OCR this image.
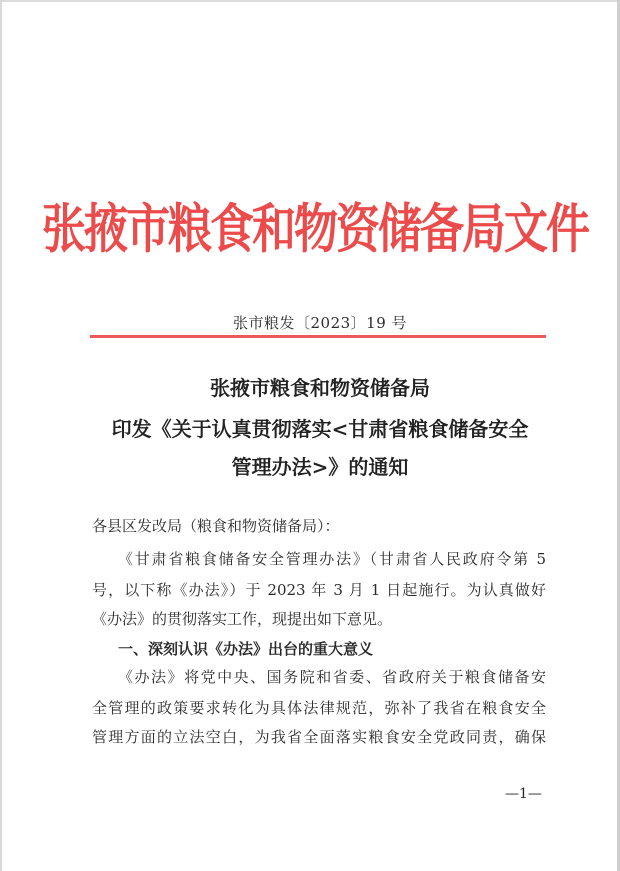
张掖市粮食和物资储备局文件
张市粮发〔2023〕19 号
张掖市粮食和物资储备局
印发《关于认真贯彻落实<甘肃省粮食储备安全
管理办法>》的通知
各县区发改局（粮食和物资储备局）：
《甘肃省粮食储备安全管理办法》（甘肃省人民政府令第 5
号，以下称《办法》）于 2023 年 3 月 1 日起施行。为认真做好
《办法》的贯彻落实工作，现提出如下意见。
一、深刻认识《办法》出台的重大意义
《办法》将党中央、国务院和省委、省政府关于粮食储备安
全管理的政策要求转化为具体法律规范，弥补了我省在粮食安全
管理方面的立法空白，为我省全面落实粮食安全党政同责，确保
—1—
